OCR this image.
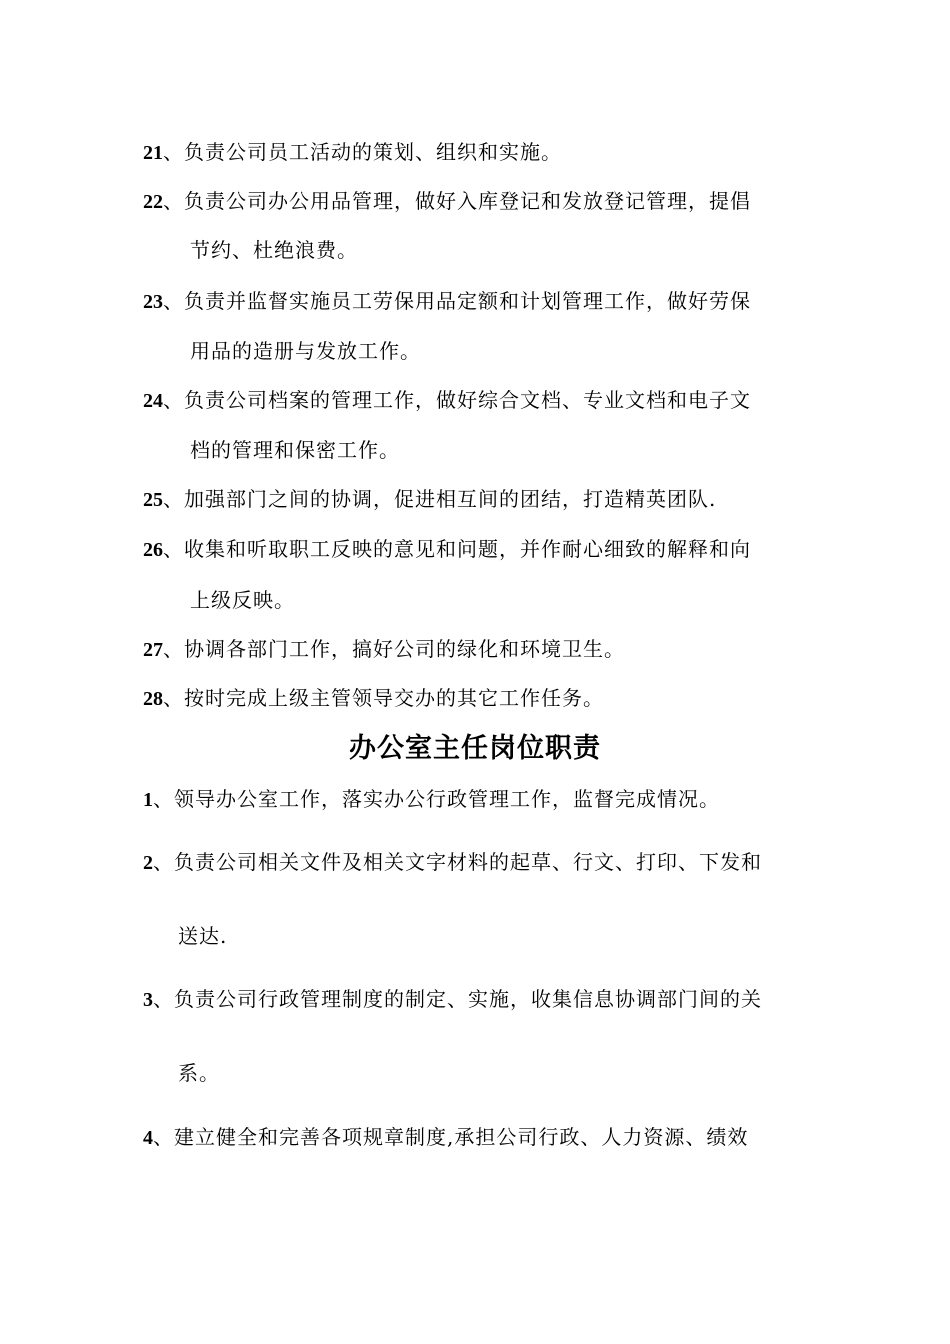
21、负责公司员工活动的策划、组织和实施。
22、负责公司办公用品管理，做好入库登记和发放登记管理，提倡
节约、杜绝浪费。
23、负责并监督实施员工劳保用品定额和计划管理工作，做好劳保
用品的造册与发放工作。
24、负责公司档案的管理工作，做好综合文档、专业文档和电子文
档的管理和保密工作。
25、加强部门之间的协调，促进相互间的团结，打造精英团队.
26、收集和听取职工反映的意见和问题，并作耐心细致的解释和向
上级反映。
27、协调各部门工作，搞好公司的绿化和环境卫生。
28、按时完成上级主管领导交办的其它工作任务。
办公室主任岗位职责
1、领导办公室工作，落实办公行政管理工作，监督完成情况。
2、负责公司相关文件及相关文字材料的起草、行文、打印、下发和
送达.
3、负责公司行政管理制度的制定、实施，收集信息协调部门间的关
系。
4、建立健全和完善各项规章制度,承担公司行政、人力资源、绩效
